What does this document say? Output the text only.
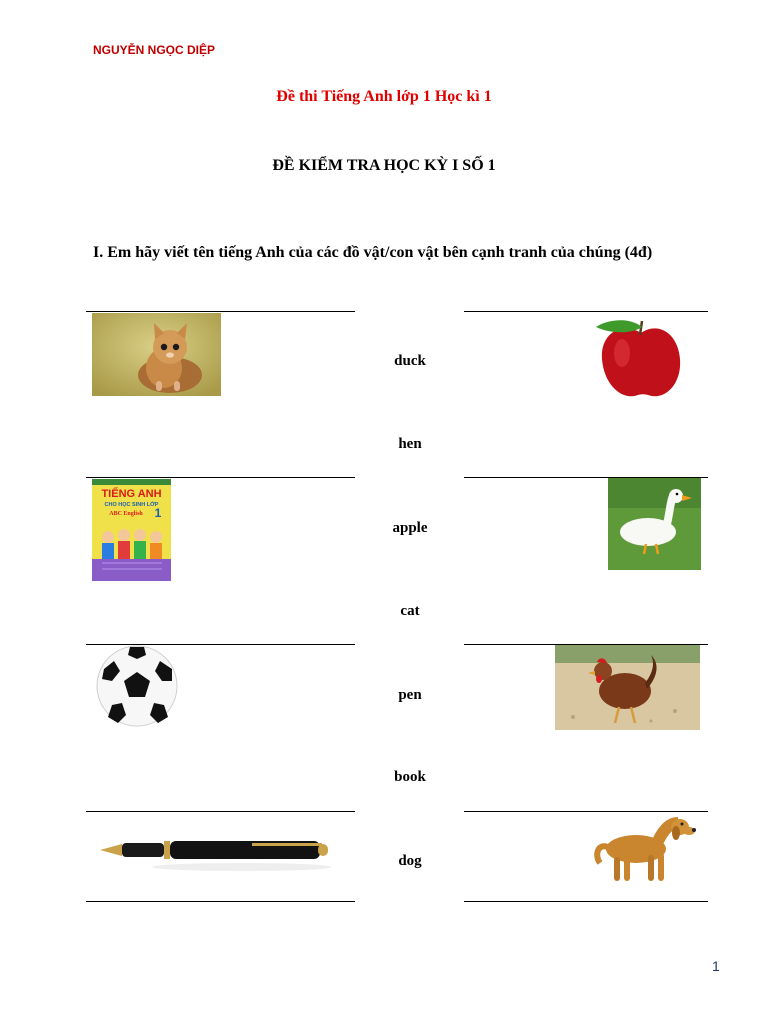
NGUYỄN NGỌC DIỆP
Đề thi Tiếng Anh lớp 1 Học kì 1
ĐỀ KIỂM TRA HỌC KỲ I SỐ 1
I. Em hãy viết tên tiếng Anh của các đồ vật/con vật bên cạnh tranh của chúng (4đ)
duck
hen
apple
cat
pen
book
dog
TIẾNG ANH
CHO HỌC SINH LỚP
ABC English 1
1
